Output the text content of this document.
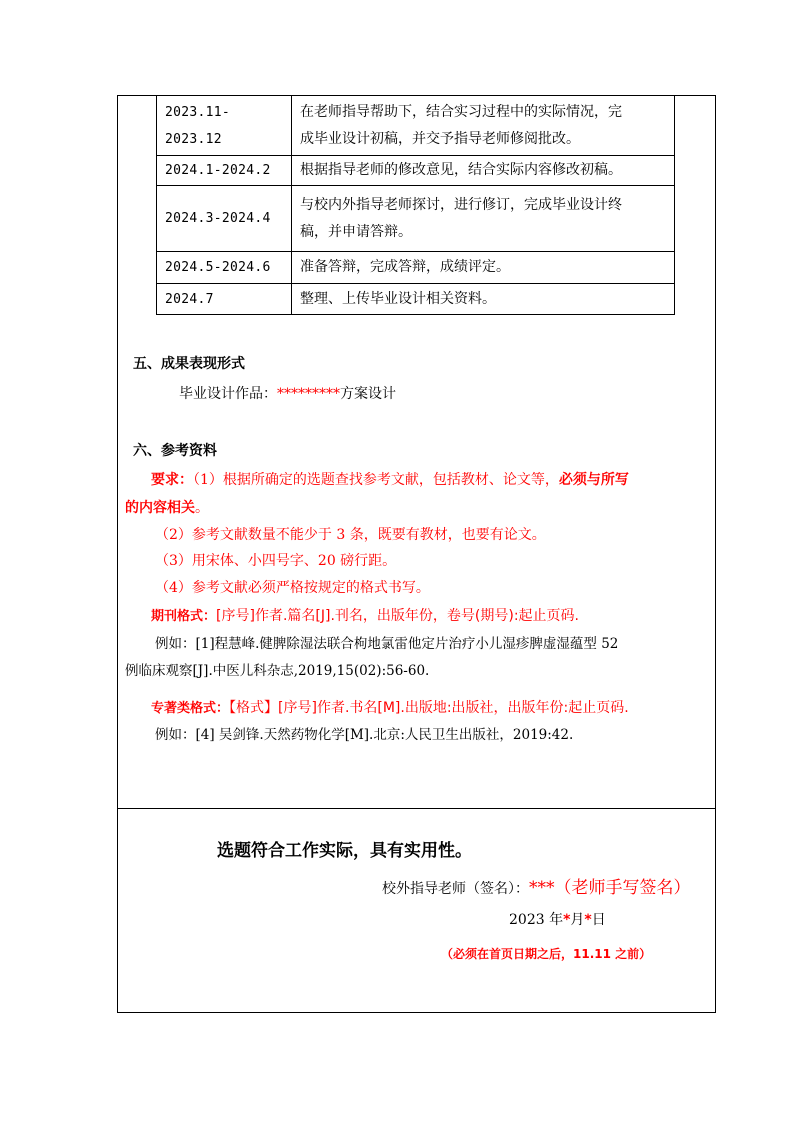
2023.11-2023.12	在老师指导帮助下，结合实习过程中的实际情况，完
成毕业设计初稿，并交予指导老师修阅批改。

2024.1-2024.2	根据指导老师的修改意见，结合实际内容修改初稿。
2024.3-2024.4	与校内外指导老师探讨，进行修订，完成毕业设计终
稿，并申请答辩。

2024.5-2024.6	准备答辩，完成答辩，成绩评定。
2024.7	整理、上传毕业设计相关资料。
五、成果表现形式
毕业设计作品：*********方案设计
六、参考资料
要求：（1）根据所确定的选题查找参考文献，包括教材、论文等，必须与所写
的内容相关。
（2）参考文献数量不能少于 3 条，既要有教材，也要有论文。
（3）用宋体、小四号字、20 磅行距。
（4）参考文献必须严格按规定的格式书写。
期刊格式：[序号]作者.篇名[J].刊名，出版年份，卷号(期号):起止页码.
例如：[1]程慧峰.健脾除湿法联合枸地氯雷他定片治疗小儿湿疹脾虚湿蕴型 52
例临床观察[J].中医儿科杂志,2019,15(02):56-60.
专著类格式：【格式】[序号]作者.书名[M].出版地:出版社，出版年份:起止页码.
例如：[4] 吴剑锋.天然药物化学[M].北京:人民卫生出版社，2019:42.
选题符合工作实际，具有实用性。
校外指导老师（签名）：***（老师手写签名）
2023 年*月*日
（必须在首页日期之后，11.11 之前）
